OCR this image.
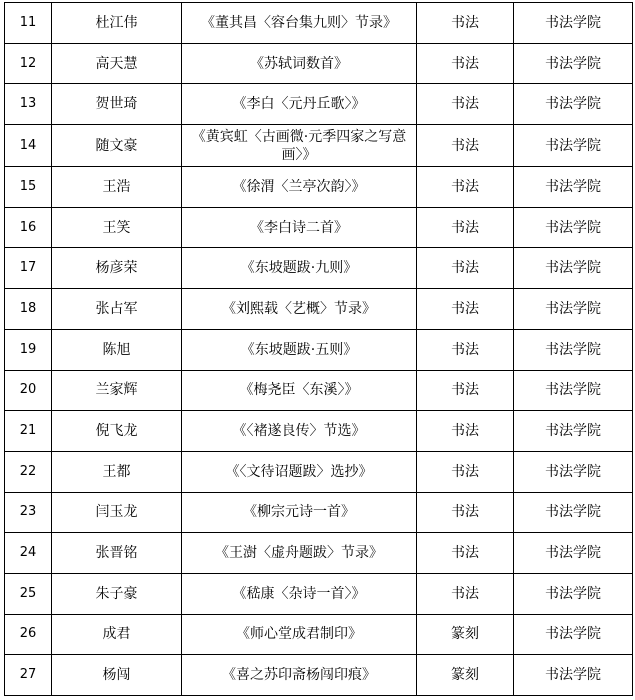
11	杜江伟	《董其昌〈容台集九则〉节录》	书法	书法学院
12	高天慧	《苏轼词数首》	书法	书法学院
13	贺世琦	《李白〈元丹丘歌〉》	书法	书法学院
14	随文豪	《黄宾虹〈古画微·元季四家之写意画〉》	书法	书法学院
15	王浩	《徐渭〈兰亭次韵〉》	书法	书法学院
16	王笑	《李白诗二首》	书法	书法学院
17	杨彦荣	《东坡题跋·九则》	书法	书法学院
18	张占军	《刘熙载〈艺概〉节录》	书法	书法学院
19	陈旭	《东坡题跋·五则》	书法	书法学院
20	兰家辉	《梅尧臣〈东溪〉》	书法	书法学院
21	倪飞龙	《〈褚遂良传〉节选》	书法	书法学院
22	王都	《〈文待诏题跋〉选抄》	书法	书法学院
23	闫玉龙	《柳宗元诗一首》	书法	书法学院
24	张晋铭	《王澍〈虚舟题跋〉节录》	书法	书法学院
25	朱子豪	《嵇康〈杂诗一首〉》	书法	书法学院
26	成君	《师心堂成君制印》	篆刻	书法学院
27	杨闯	《喜之苏印斋杨闯印痕》	篆刻	书法学院
